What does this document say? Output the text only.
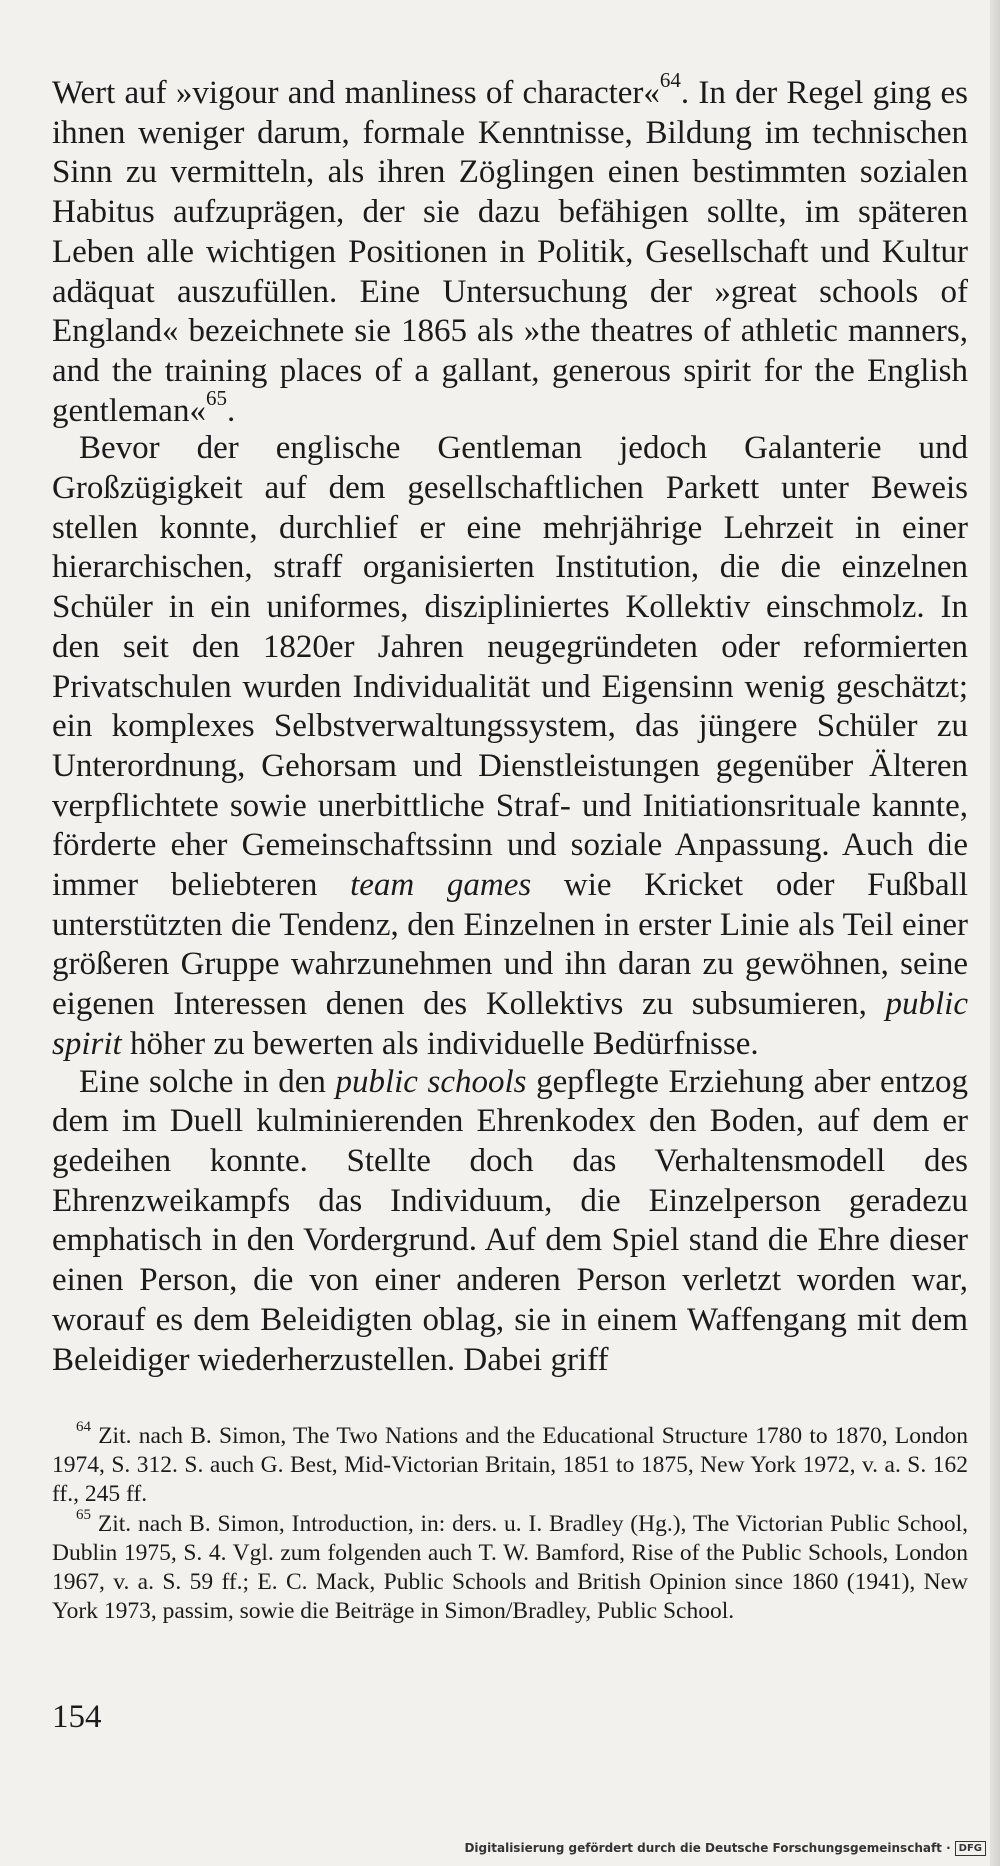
Wert auf »vigour and manliness of character«$^{64}$. In der Regel ging es ihnen weniger darum, formale Kenntnisse, Bildung im technischen Sinn zu vermitteln, als ihren Zöglingen einen bestimmten sozialen Habitus aufzuprägen, der sie dazu befähigen sollte, im späteren Leben alle wichtigen Positionen in Politik, Gesellschaft und Kultur adäquat auszufüllen. Eine Untersuchung der »great schools of England« bezeichnete sie 1865 als »the theatres of athletic manners, and the training places of a gallant, generous spirit for the English gentleman«$^{65}$.

Bevor der englische Gentleman jedoch Galanterie und Großzügigkeit auf dem gesellschaftlichen Parkett unter Beweis stellen konnte, durchlief er eine mehrjährige Lehrzeit in einer hierarchischen, straff organisierten Institution, die die einzelnen Schüler in ein uniformes, diszipliniertes Kollektiv einschmolz. In den seit den 1820er Jahren neugegründeten oder reformierten Privatschulen wurden Individualität und Eigensinn wenig geschätzt; ein komplexes Selbstverwaltungssystem, das jüngere Schüler zu Unterordnung, Gehorsam und Dienstleistungen gegenüber Älteren verpflichtete sowie unerbittliche Straf- und Initiationsrituale kannte, förderte eher Gemeinschaftssinn und soziale Anpassung. Auch die immer beliebteren team games wie Kricket oder Fußball unterstützten die Tendenz, den Einzelnen in erster Linie als Teil einer größeren Gruppe wahrzunehmen und ihn daran zu gewöhnen, seine eigenen Interessen denen des Kollektivs zu subsumieren, public spirit höher zu bewerten als individuelle Bedürfnisse.

Eine solche in den public schools gepflegte Erziehung aber entzog dem im Duell kulminierenden Ehrenkodex den Boden, auf dem er gedeihen konnte. Stellte doch das Verhaltensmodell des Ehrenzweikampfs das Individuum, die Einzelperson geradezu emphatisch in den Vordergrund. Auf dem Spiel stand die Ehre dieser einen Person, die von einer anderen Person verletzt worden war, worauf es dem Beleidigten oblag, sie in einem Waffengang mit dem Beleidiger wiederherzustellen. Dabei griff

$^{64}$ Zit. nach B. Simon, The Two Nations and the Educational Structure 1780 to 1870, London 1974, S. 312. S. auch G. Best, Mid-Victorian Britain, 1851 to 1875, New York 1972, v. a. S. 162 ff., 245 ff.

$^{65}$ Zit. nach B. Simon, Introduction, in: ders. u. I. Bradley (Hg.), The Victorian Public School, Dublin 1975, S. 4. Vgl. zum folgenden auch T. W. Bamford, Rise of the Public Schools, London 1967, v. a. S. 59 ff.; E. C. Mack, Public Schools and British Opinion since 1860 (1941), New York 1973, passim, sowie die Beiträge in Simon/Bradley, Public School.

154
Digitalisierung gefördert durch die Deutsche Forschungsgemeinschaft · DFG
